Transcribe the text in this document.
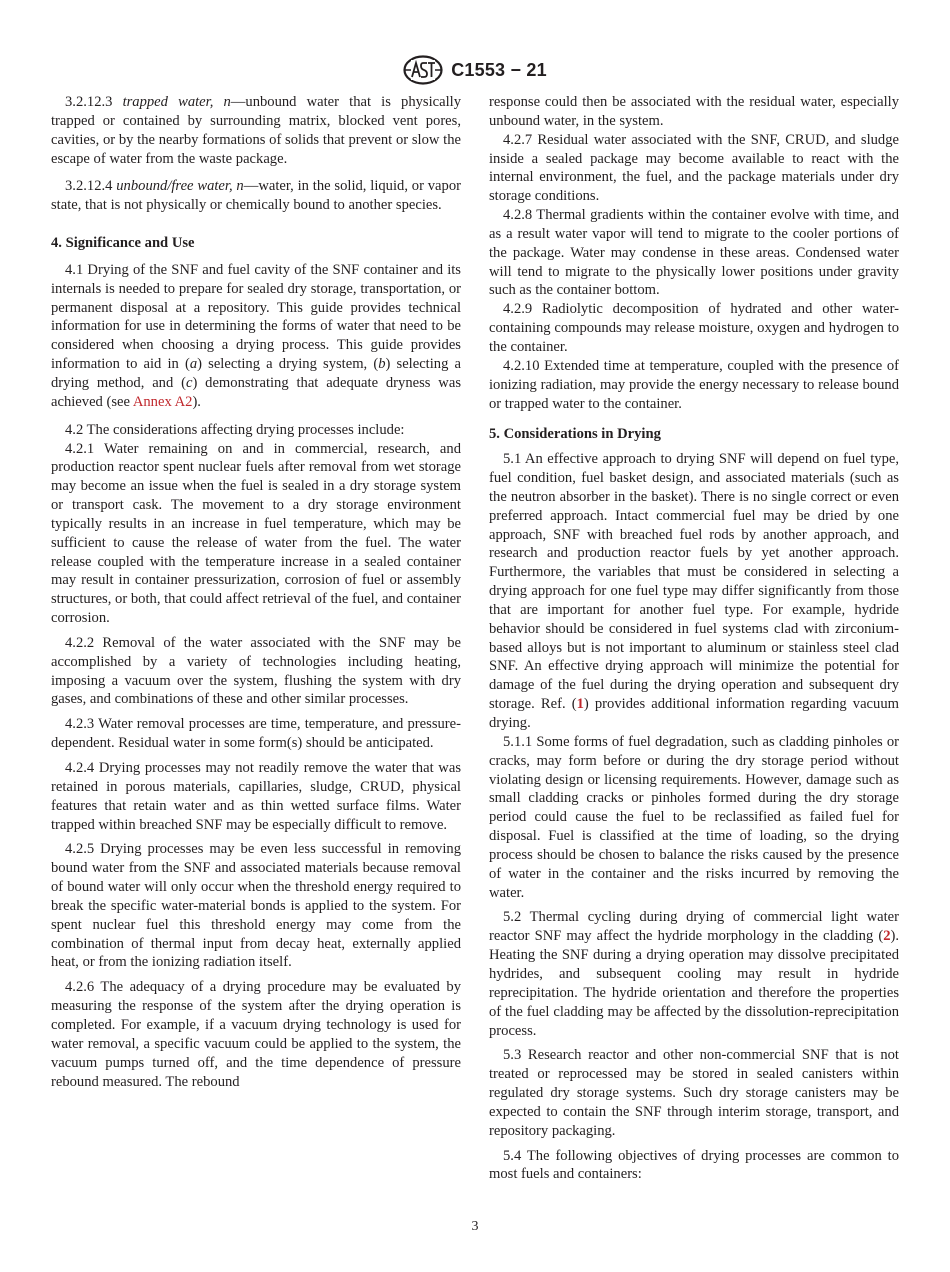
C1553 − 21

3.2.12.3 trapped water, n—unbound water that is physically trapped or contained by surrounding matrix, blocked vent pores, cavities, or by the nearby formations of solids that prevent or slow the escape of water from the waste package.

3.2.12.4 unbound/free water, n—water, in the solid, liquid, or vapor state, that is not physically or chemically bound to another species.

4. Significance and Use

4.1 Drying of the SNF and fuel cavity of the SNF container and its internals is needed to prepare for sealed dry storage, transportation, or permanent disposal at a repository. This guide provides technical information for use in determining the forms of water that need to be considered when choosing a drying process. This guide provides information to aid in (a) selecting a drying system, (b) selecting a drying method, and (c) demonstrating that adequate dryness was achieved (see Annex A2).

4.2 The considerations affecting drying processes include:

4.2.1 Water remaining on and in commercial, research, and production reactor spent nuclear fuels after removal from wet storage may become an issue when the fuel is sealed in a dry storage system or transport cask. The movement to a dry storage environment typically results in an increase in fuel temperature, which may be sufficient to cause the release of water from the fuel. The water release coupled with the temperature increase in a sealed container may result in container pressurization, corrosion of fuel or assembly structures, or both, that could affect retrieval of the fuel, and container corrosion.

4.2.2 Removal of the water associated with the SNF may be accomplished by a variety of technologies including heating, imposing a vacuum over the system, flushing the system with dry gases, and combinations of these and other similar processes.

4.2.3 Water removal processes are time, temperature, and pressure-dependent. Residual water in some form(s) should be anticipated.

4.2.4 Drying processes may not readily remove the water that was retained in porous materials, capillaries, sludge, CRUD, physical features that retain water and as thin wetted surface films. Water trapped within breached SNF may be especially difficult to remove.

4.2.5 Drying processes may be even less successful in removing bound water from the SNF and associated materials because removal of bound water will only occur when the threshold energy required to break the specific water-material bonds is applied to the system. For spent nuclear fuel this threshold energy may come from the combination of thermal input from decay heat, externally applied heat, or from the ionizing radiation itself.

4.2.6 The adequacy of a drying procedure may be evaluated by measuring the response of the system after the drying operation is completed. For example, if a vacuum drying technology is used for water removal, a specific vacuum could be applied to the system, the vacuum pumps turned off, and the time dependence of pressure rebound measured. The rebound

response could then be associated with the residual water, especially unbound water, in the system.

4.2.7 Residual water associated with the SNF, CRUD, and sludge inside a sealed package may become available to react with the internal environment, the fuel, and the package materials under dry storage conditions.

4.2.8 Thermal gradients within the container evolve with time, and as a result water vapor will tend to migrate to the cooler portions of the package. Water may condense in these areas. Condensed water will tend to migrate to the physically lower positions under gravity such as the container bottom.

4.2.9 Radiolytic decomposition of hydrated and other water-containing compounds may release moisture, oxygen and hydrogen to the container.

4.2.10 Extended time at temperature, coupled with the presence of ionizing radiation, may provide the energy necessary to release bound or trapped water to the container.

5. Considerations in Drying

5.1 An effective approach to drying SNF will depend on fuel type, fuel condition, fuel basket design, and associated materials (such as the neutron absorber in the basket). There is no single correct or even preferred approach. Intact commercial fuel may be dried by one approach, SNF with breached fuel rods by another approach, and research and production reactor fuels by yet another approach. Furthermore, the variables that must be considered in selecting a drying approach for one fuel type may differ significantly from those that are important for another fuel type. For example, hydride behavior should be considered in fuel systems clad with zirconium-based alloys but is not important to aluminum or stainless steel clad SNF. An effective drying approach will minimize the potential for damage of the fuel during the drying operation and subsequent dry storage. Ref. (1) provides additional information regarding vacuum drying.

5.1.1 Some forms of fuel degradation, such as cladding pinholes or cracks, may form before or during the dry storage period without violating design or licensing requirements. However, damage such as small cladding cracks or pinholes formed during the dry storage period could cause the fuel to be reclassified as failed fuel for disposal. Fuel is classified at the time of loading, so the drying process should be chosen to balance the risks caused by the presence of water in the container and the risks incurred by removing the water.

5.2 Thermal cycling during drying of commercial light water reactor SNF may affect the hydride morphology in the cladding (2). Heating the SNF during a drying operation may dissolve precipitated hydrides, and subsequent cooling may result in hydride reprecipitation. The hydride orientation and therefore the properties of the fuel cladding may be affected by the dissolution-reprecipitation process.

5.3 Research reactor and other non-commercial SNF that is not treated or reprocessed may be stored in sealed canisters within regulated dry storage systems. Such dry storage canisters may be expected to contain the SNF through interim storage, transport, and repository packaging.

5.4 The following objectives of drying processes are common to most fuels and containers:

3
